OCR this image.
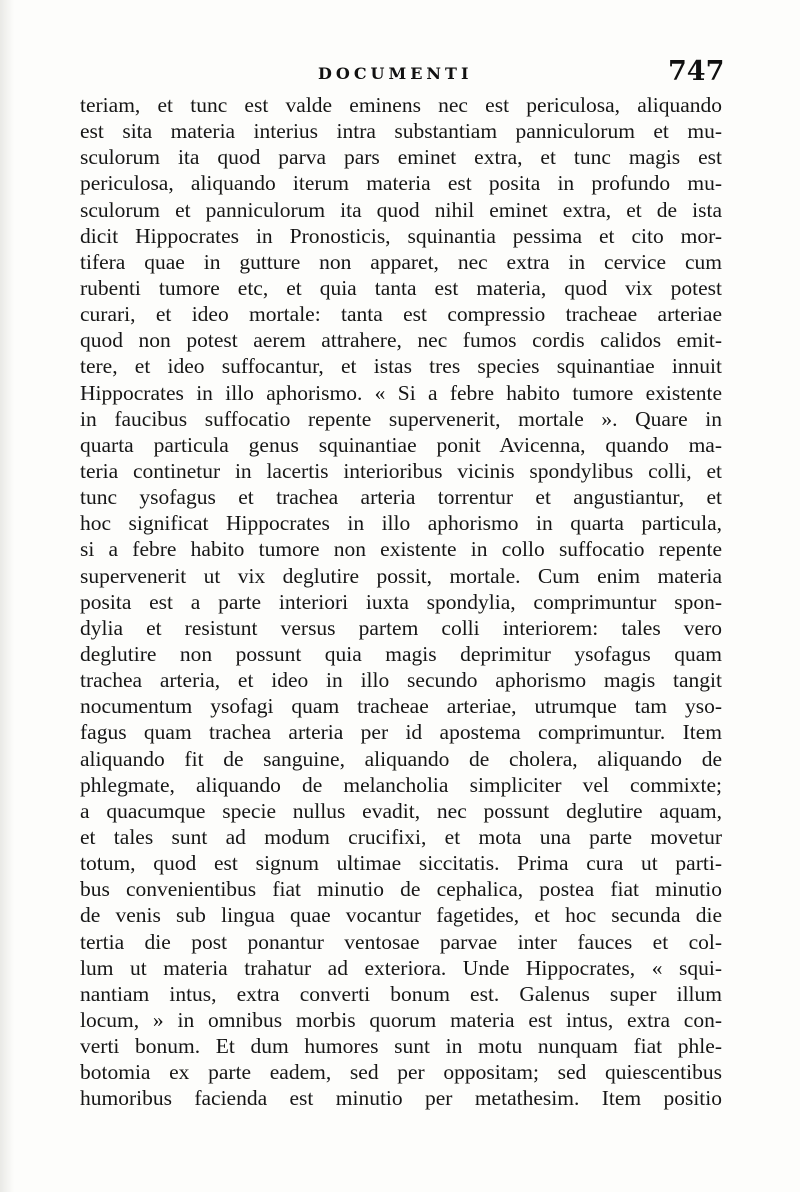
DOCUMENTI	747
teriam, et tunc est valde eminens nec est periculosa, aliquando
est sita materia interius intra substantiam panniculorum et mu-
sculorum ita quod parva pars eminet extra, et tunc magis est
periculosa, aliquando iterum materia est posita in profundo mu-
sculorum et panniculorum ita quod nihil eminet extra, et de ista
dicit Hippocrates in Pronosticis, squinantia pessima et cito mor-
tifera quae in gutture non apparet, nec extra in cervice cum
rubenti tumore etc, et quia tanta est materia, quod vix potest
curari, et ideo mortale: tanta est compressio tracheae arteriae
quod non potest aerem attrahere, nec fumos cordis calidos emit-
tere, et ideo suffocantur, et istas tres species squinantiae innuit
Hippocrates in illo aphorismo. « Si a febre habito tumore existente
in faucibus suffocatio repente supervenerit, mortale ». Quare in
quarta particula genus squinantiae ponit Avicenna, quando ma-
teria continetur in lacertis interioribus vicinis spondylibus colli, et
tunc ysofagus et trachea arteria torrentur et angustiantur, et
hoc significat Hippocrates in illo aphorismo in quarta particula,
si a febre habito tumore non existente in collo suffocatio repente
supervenerit ut vix deglutire possit, mortale. Cum enim materia
posita est a parte interiori iuxta spondylia, comprimuntur spon-
dylia et resistunt versus partem colli interiorem: tales vero
deglutire non possunt quia magis deprimitur ysofagus quam
trachea arteria, et ideo in illo secundo aphorismo magis tangit
nocumentum ysofagi quam tracheae arteriae, utrumque tam yso-
fagus quam trachea arteria per id apostema comprimuntur. Item
aliquando fit de sanguine, aliquando de cholera, aliquando de
phlegmate, aliquando de melancholia simpliciter vel commixte;
a quacumque specie nullus evadit, nec possunt deglutire aquam,
et tales sunt ad modum crucifixi, et mota una parte movetur
totum, quod est signum ultimae siccitatis. Prima cura ut parti-
bus convenientibus fiat minutio de cephalica, postea fiat minutio
de venis sub lingua quae vocantur fagetides, et hoc secunda die
tertia die post ponantur ventosae parvae inter fauces et col-
lum ut materia trahatur ad exteriora. Unde Hippocrates, « squi-
nantiam intus, extra converti bonum est. Galenus super illum
locum, » in omnibus morbis quorum materia est intus, extra con-
verti bonum. Et dum humores sunt in motu nunquam fiat phle-
botomia ex parte eadem, sed per oppositam; sed quiescentibus
humoribus facienda est minutio per metathesim. Item positio
